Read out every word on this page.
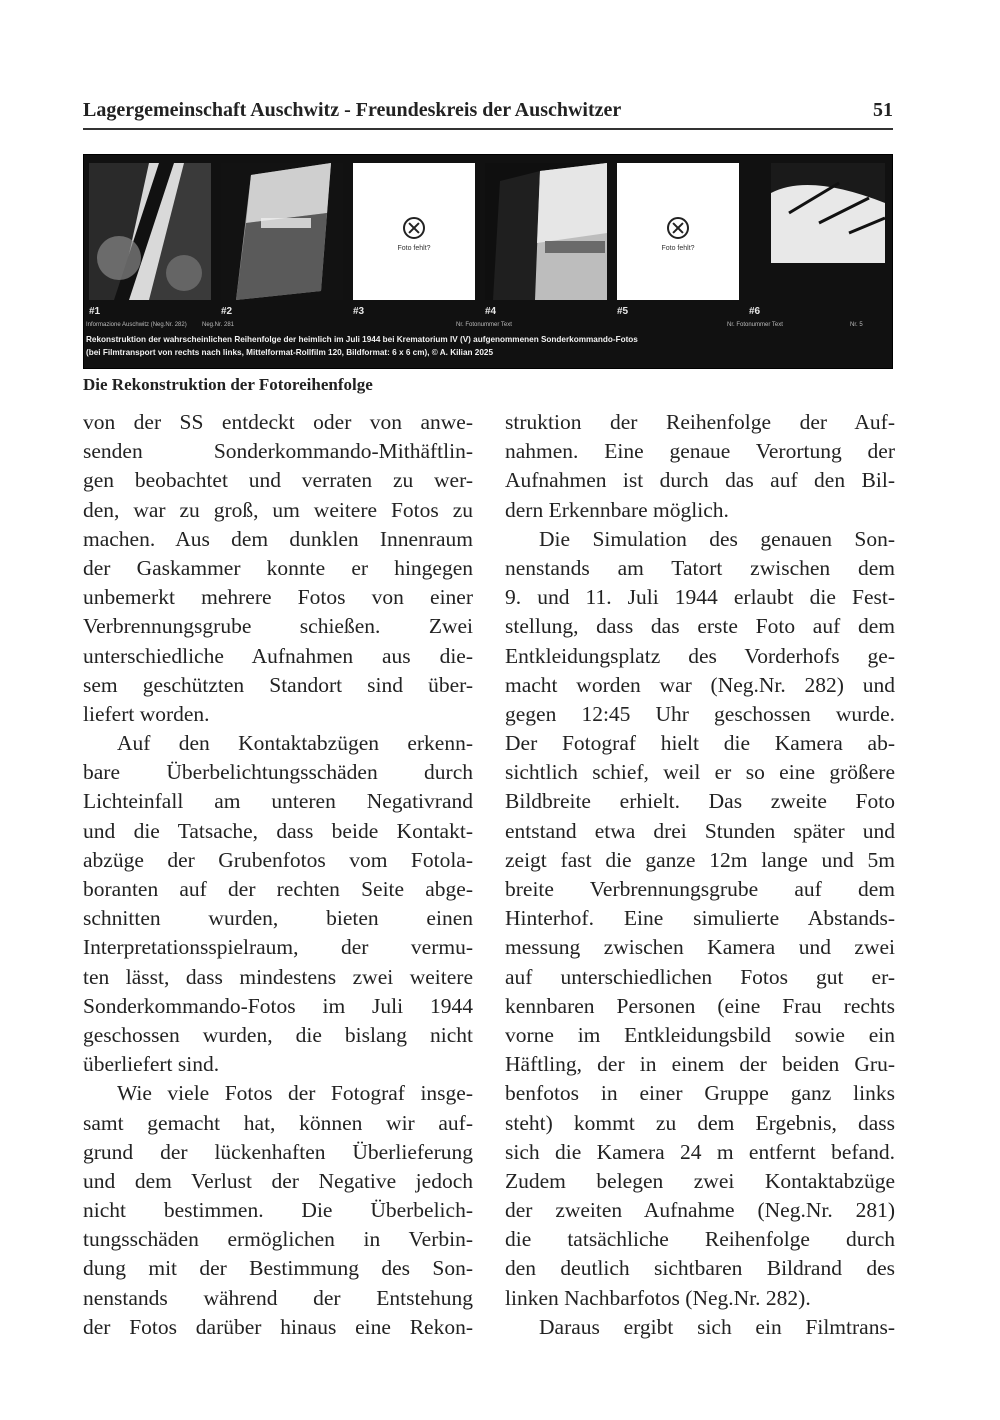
Lagergemeinschaft Auschwitz - Freundeskreis der Auschwitzer	51
Foto fehlt?	Foto fehlt?
#1	#2	#3	#4	#5	#6
Informazione Auschwitz (Neg.Nr. 282)	Neg.Nr. 281	Nr. Fotonummer Text	Nr. Fotonummer Text	Nr. 5
Rekonstruktion der wahrscheinlichen Reihenfolge der heimlich im Juli 1944 bei Krematorium IV (V) aufgenommenen Sonderkommando-Fotos
(bei Filmtransport von rechts nach links, Mittelformat-Rollfilm 120, Bildformat: 6 x 6 cm), © A. Kilian 2025
Die Rekonstruktion der Fotoreihenfolge
von der SS entdeckt oder von anwe-
senden Sonderkommando-Mithäftlin-
gen beobachtet und verraten zu wer-
den, war zu groß, um weitere Fotos zu
machen. Aus dem dunklen Innenraum
der Gaskammer konnte er hingegen
unbemerkt mehrere Fotos von einer
Verbrennungsgrube schießen. Zwei
unterschiedliche Aufnahmen aus die-
sem geschützten Standort sind über-
liefert worden.
Auf den Kontaktabzügen erkenn-
bare Überbelichtungsschäden durch
Lichteinfall am unteren Negativrand
und die Tatsache, dass beide Kontakt-
abzüge der Grubenfotos vom Fotola-
boranten auf der rechten Seite abge-
schnitten wurden, bieten einen
Interpretationsspielraum, der vermu-
ten lässt, dass mindestens zwei weitere
Sonderkommando-Fotos im Juli 1944
geschossen wurden, die bislang nicht
überliefert sind.
Wie viele Fotos der Fotograf insge-
samt gemacht hat, können wir auf-
grund der lückenhaften Überlieferung
und dem Verlust der Negative jedoch
nicht bestimmen. Die Überbelich-
tungsschäden ermöglichen in Verbin-
dung mit der Bestimmung des Son-
nenstands während der Entstehung
der Fotos darüber hinaus eine Rekon-
struktion der Reihenfolge der Auf-
nahmen. Eine genaue Verortung der
Aufnahmen ist durch das auf den Bil-
dern Erkennbare möglich.
Die Simulation des genauen Son-
nenstands am Tatort zwischen dem
9. und 11. Juli 1944 erlaubt die Fest-
stellung, dass das erste Foto auf dem
Entkleidungsplatz des Vorderhofs ge-
macht worden war (Neg.Nr. 282) und
gegen 12:45 Uhr geschossen wurde.
Der Fotograf hielt die Kamera ab-
sichtlich schief, weil er so eine größere
Bildbreite erhielt. Das zweite Foto
entstand etwa drei Stunden später und
zeigt fast die ganze 12m lange und 5m
breite Verbrennungsgrube auf dem
Hinterhof. Eine simulierte Abstands-
messung zwischen Kamera und zwei
auf unterschiedlichen Fotos gut er-
kennbaren Personen (eine Frau rechts
vorne im Entkleidungsbild sowie ein
Häftling, der in einem der beiden Gru-
benfotos in einer Gruppe ganz links
steht) kommt zu dem Ergebnis, dass
sich die Kamera 24 m entfernt befand.
Zudem belegen zwei Kontaktabzüge
der zweiten Aufnahme (Neg.Nr. 281)
die tatsächliche Reihenfolge durch
den deutlich sichtbaren Bildrand des
linken Nachbarfotos (Neg.Nr. 282).
Daraus ergibt sich ein Filmtrans-
